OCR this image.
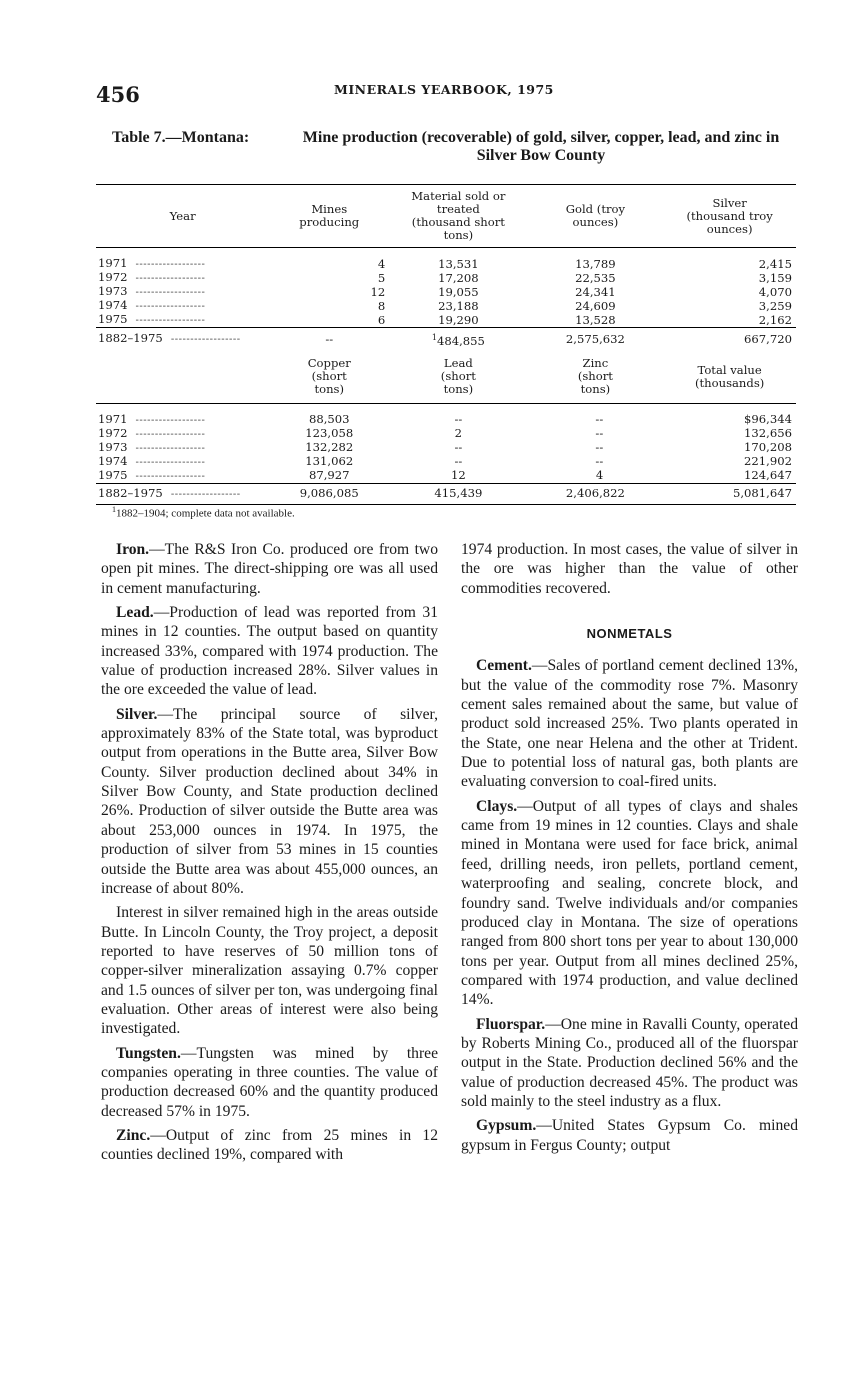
456	MINERALS YEARBOOK, 1975
Table 7.—Montana:	Mine production (recoverable) of gold, silver, copper, lead, and zinc in Silver Bow County
Year	Mines producing	Material sold or treated (thousand short tons)	Gold (troy ounces)	Silver (thousand troy ounces)
1971 ------------------	4	13,531	13,789	2,415
1972 ------------------	5	17,208	22,535	3,159
1973 ------------------	12	19,055	24,341	4,070
1974 ------------------	8	23,188	24,609	3,259
1975 ------------------	6	19,290	13,528	2,162
1882–1975 ------------------	--	$^1$484,855	2,575,632	667,720
	Copper (short tons)	Lead (short tons)	Zinc (short tons)	Total value (thousands)
1971 ------------------	88,503	--	--	$96,344
1972 ------------------	123,058	2	--	132,656
1973 ------------------	132,282	--	--	170,208
1974 ------------------	131,062	--	--	221,902
1975 ------------------	87,927	12	4	124,647
1882–1975 ------------------	9,086,085	415,439	2,406,822	5,081,647
$^1$1882–1904; complete data not available.

Iron.—The R&S Iron Co. produced ore from two open pit mines. The direct-shipping ore was all used in cement manufacturing.

Lead.—Production of lead was reported from 31 mines in 12 counties. The output based on quantity increased 33%, compared with 1974 production. The value of production increased 28%. Silver values in the ore exceeded the value of lead.

Silver.—The principal source of silver, approximately 83% of the State total, was byproduct output from operations in the Butte area, Silver Bow County. Silver production declined about 34% in Silver Bow County, and State production declined 26%. Production of silver outside the Butte area was about 253,000 ounces in 1974. In 1975, the production of silver from 53 mines in 15 counties outside the Butte area was about 455,000 ounces, an increase of about 80%.

Interest in silver remained high in the areas outside Butte. In Lincoln County, the Troy project, a deposit reported to have reserves of 50 million tons of copper-silver mineralization assaying 0.7% copper and 1.5 ounces of silver per ton, was undergoing final evaluation. Other areas of interest were also being investigated.

Tungsten.—Tungsten was mined by three companies operating in three counties. The value of production decreased 60% and the quantity produced decreased 57% in 1975.

Zinc.—Output of zinc from 25 mines in 12 counties declined 19%, compared with

1974 production. In most cases, the value of silver in the ore was higher than the value of other commodities recovered.

NONMETALS

Cement.—Sales of portland cement declined 13%, but the value of the commodity rose 7%. Masonry cement sales remained about the same, but value of product sold increased 25%. Two plants operated in the State, one near Helena and the other at Trident. Due to potential loss of natural gas, both plants are evaluating conversion to coal-fired units.

Clays.—Output of all types of clays and shales came from 19 mines in 12 counties. Clays and shale mined in Montana were used for face brick, animal feed, drilling needs, iron pellets, portland cement, waterproofing and sealing, concrete block, and foundry sand. Twelve individuals and/or companies produced clay in Montana. The size of operations ranged from 800 short tons per year to about 130,000 tons per year. Output from all mines declined 25%, compared with 1974 production, and value declined 14%.

Fluorspar.—One mine in Ravalli County, operated by Roberts Mining Co., produced all of the fluorspar output in the State. Production declined 56% and the value of production decreased 45%. The product was sold mainly to the steel industry as a flux.

Gypsum.—United States Gypsum Co. mined gypsum in Fergus County; output
